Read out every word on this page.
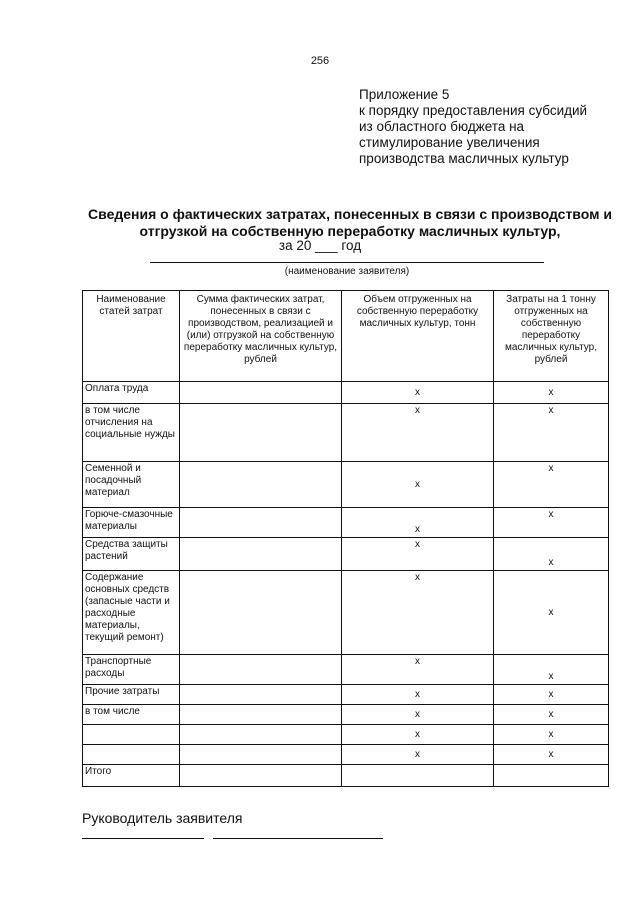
256
Приложение 5
к порядку предоставления субсидий
из областного бюджета на
стимулирование увеличения
производства масличных культур
Сведения о фактических затратах, понесенных в связи с производством и
отгрузкой на собственную переработку масличных культур,
за 20 ___ год
(наименование заявителя)
Наименование статей затрат	Сумма фактических затрат, понесенных в связи с производством, реализацией и (или) отгрузкой на собственную переработку масличных культур, рублей	Объем отгруженных на собственную переработку масличных культур, тонн	Затраты на 1 тонну отгруженных на собственную переработку масличных культур, рублей
Оплата труда		x	x
в том числе отчисления на социальные нужды		x	x
Семенной и посадочный материал		x	x
Горюче-смазочные материалы		x	x
Средства защиты растений		x	x
Содержание основных средств (запасные части и расходные материалы, текущий ремонт)		x	x
Транспортные расходы		x	x
Прочие затраты		x	x
в том числе		x	x
		x	x
		x	x
Итого			
Руководитель заявителя
